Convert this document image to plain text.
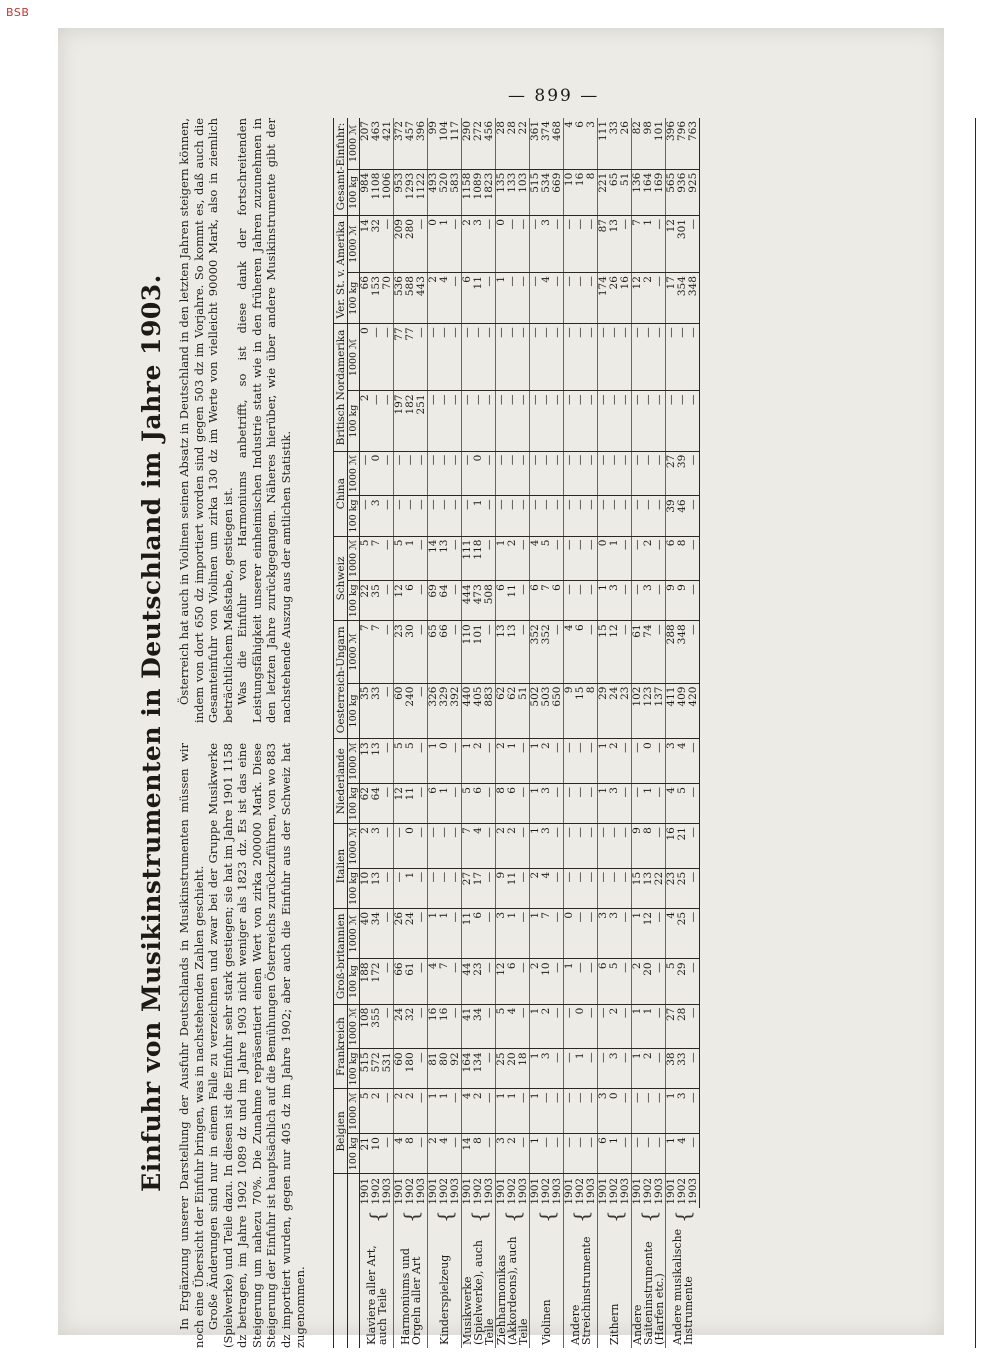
BSB
— 899 —
Einfuhr von Musikinstrumenten in Deutschland im Jahre 1903. In Ergänzung unserer Darstellung der Ausfuhr Deutschlands in Musikinstrumenten müssen wir noch eine Übersicht der Einfuhr bringen, was in nachstehenden Zahlen geschieht. Große Änderungen sind nur in einem Falle zu verzeichnen und zwar bei der Gruppe Musikwerke (Spielwerke) und Teile dazu. In diesen ist die Einfuhr sehr stark gestiegen; sie hat im Jahre 1901 1158 dz betragen, im Jahre 1902 1089 dz und im Jahre 1903 nicht weniger als 1823 dz. Es ist das eine Steigerung um nahezu 70%. Die Zunahme repräsentiert einen Wert von zirka 200000 Mark. Diese Steigerung der Einfuhr ist hauptsächlich auf die Bemühungen Österreichs zurückzuführen, von wo 883 dz importiert wurden, gegen nur 405 dz im Jahre 1902; aber auch die Einfuhr aus der Schweiz hat zugenommen.

Österreich hat auch in Violinen seinen Absatz in Deutschland in den letzten Jahren steigern können, indem von dort 650 dz importiert worden sind gegen 503 dz im Vorjahre. So kommt es, daß auch die Gesamteinfuhr von Violinen um zirka 130 dz im Werte von vielleicht 90000 Mark, also in ziemlich beträchtlichem Maßstabe, gestiegen ist. Was die Einfuhr von Harmoniums anbetrifft, so ist diese dank der fortschreitenden Leistungsfähigkeit unserer einheimischen Industrie statt wie in den früheren Jahren zuzunehmen in den letzten Jahre zurückgegangen. Näheres hierüber, wie über andere Musikinstrumente gibt der nachstehende Auszug aus der amtlichen Statistik.

			Belgien		Frankreich		Groß-britannien		Italien		Niederlande		Oesterreich-Ungarn		Schweiz		China		Britisch Nordamerika		Ver. St. v. Amerika		Gesamt-Einfuhr:	
			100 kg	1000 ℳ	100 kg	1000 ℳ	100 kg	1000 ℳ	100 kg	1000 ℳ	100 kg	1000 ℳ	100 kg	1000 ℳ	100 kg	1000 ℳ	100 kg	1000 ℳ	100 kg	1000 ℳ	100 kg	1000 ℳ	100 kg	1000 ℳ
Klaviere aller Art, auch Teile	{	1901	21	5	515	108	188	40	10	2	62	13	35	7	22	5	—	—	2	0	66	14	984	207
		1902	10	2	572	355	172	34	13	3	64	13	33	7	35	7	3	0	—	—	153	32	1108	463
		1903	—	—	531	—	—	—	—	—	—	—	—	—	—	—	—	—	—	—	70	—	1006	421
Harmoniums und Orgeln aller Art	{	1901	4	2	60	24	66	26	—	—	12	5	60	23	12	5	—	—	197	77	536	209	953	372
		1902	8	2	180	32	61	24	1	0	11	5	240	30	6	1	—	—	182	77	588	280	1293	457
		1903	—	—	—	—	—	—	—	—	—	—	—	—	—	—	—	—	251	—	443	—	1122	396
Kinderspielzeug	{	1901	2	1	81	16	4	1	—	—	6	1	326	65	69	14	—	—	—	—	2	0	493	99
		1902	4	1	80	16	7	1	—	—	1	0	329	66	64	13	—	—	—	—	4	1	520	104
		1903	—	—	92	—	—	—	—	—	—	—	392	—	—	—	—	—	—	—	—	—	583	117
Musikwerke (Spielwerke), auch Teile	{	1901	14	4	164	41	44	11	27	7	5	1	440	110	444	111	—	—	—	—	6	2	1158	290
		1902	8	2	134	34	23	6	17	4	6	2	405	101	473	118	1	0	—	—	11	3	1089	272
		1903	—	—	—	—	—	—	—	—	—	—	883	—	508	—	—	—	—	—	—	—	1823	456
Ziehharmonikas (Akkordeons), auch Teile	{	1901	3	1	25	5	12	3	9	2	8	2	62	13	6	1	—	—	—	—	1	0	135	28
		1902	2	1	20	4	6	1	11	2	6	1	62	13	11	2	—	—	—	—	—	—	133	28
		1903	—	—	18	—	—	—	—	—	—	—	51	—	—	—	—	—	—	—	—	—	103	22
Violinen	{	1901	1	1	1	1	2	1	2	1	1	1	502	352	6	4	—	—	—	—	—	—	515	361
		1902	—	—	3	2	10	7	4	3	3	2	503	352	7	5	—	—	—	—	4	3	534	374
		1903	—	—	—	—	—	—	—	—	—	—	650	—	6	—	—	—	—	—	—	—	669	468
Andere Streichinstrumente	{	1901	—	—	—	—	1	0	—	—	—	—	9	4	—	—	—	—	—	—	—	—	10	4
		1902	—	—	1	0	—	—	—	—	—	—	15	6	—	—	—	—	—	—	—	—	16	6
		1903	—	—	—	—	—	—	—	—	—	—	8	—	—	—	—	—	—	—	—	—	8	3
Zithern	{	1901	6	3	—	—	6	3	—	—	1	1	29	15	1	0	—	—	—	—	174	87	221	111
		1902	1	0	3	2	5	3	—	—	3	2	24	12	3	1	—	—	—	—	26	13	65	33
		1903	—	—	—	—	—	—	—	—	—	—	23	—	—	—	—	—	—	—	16	—	51	26
Andere Saiteninstrumente (Harfen etc.)	{	1901	—	—	1	1	2	1	15	9	—	—	102	61	—	—	—	—	—	—	12	7	136	82
		1902	—	—	2	1	20	12	13	8	1	0	123	74	3	2	—	—	—	—	2	1	164	98
		1903	—	—	—	—	—	—	22	—	—	—	137	—	—	—	—	—	—	—	—	—	169	101
Andere musikalische Instrumente	{	1901	1	1	38	27	5	4	23	16	4	3	411	288	9	6	39	27	—	—	17	12	565	396
		1902	4	3	33	28	29	25	25	21	5	4	409	348	9	8	46	39	—	—	354	301	936	796
		1903	—	—	—	—	—	—	—	—	—	—	420	—	—	—	—	—	—	—	348	—	925	763
